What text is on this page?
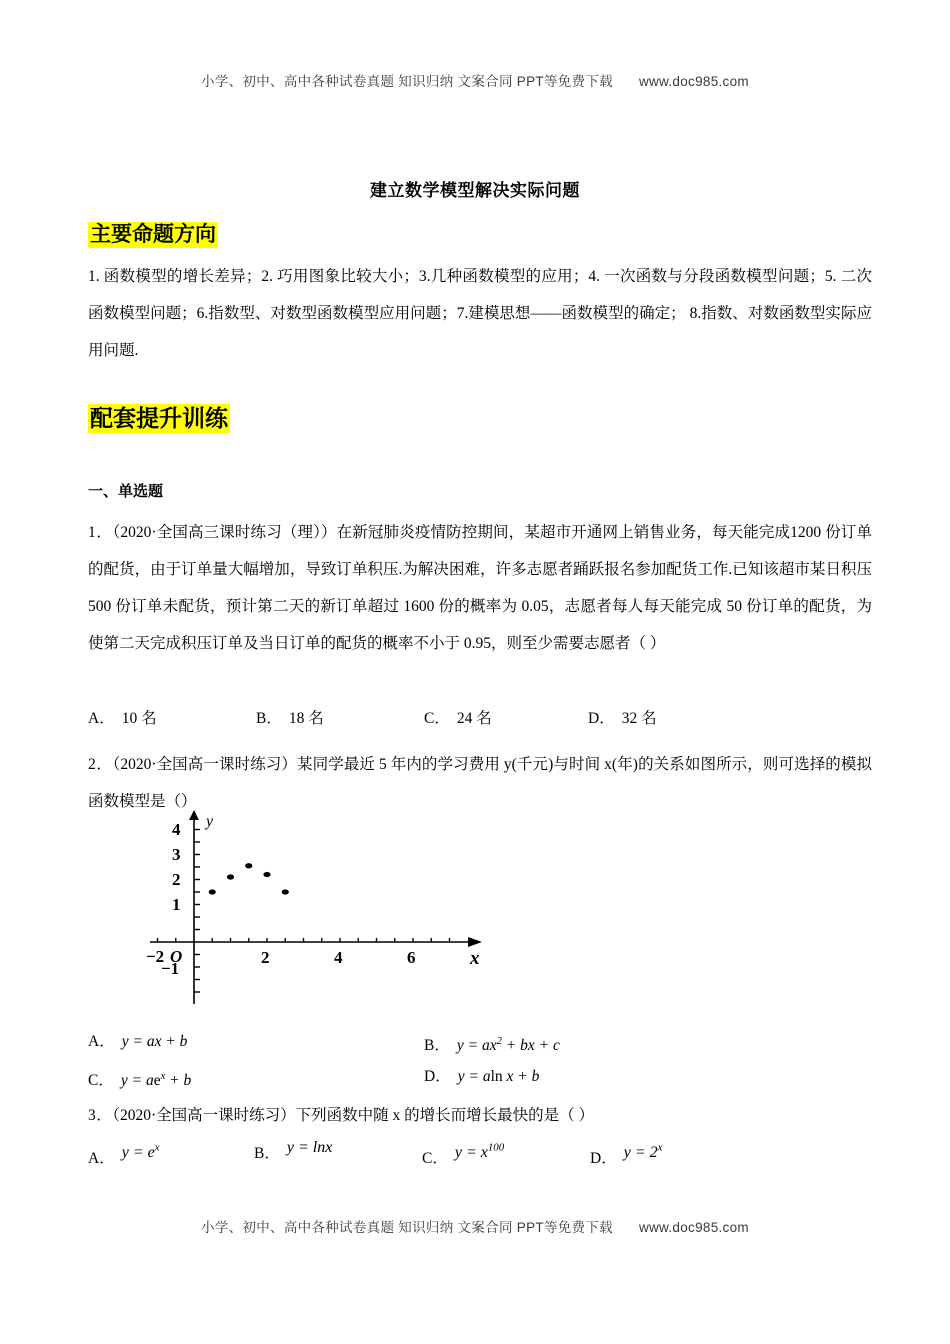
小学、初中、高中各种试卷真题 知识归纳 文案合同 PPT等免费下载 www.doc985.com
建立数学模型解决实际问题
主要命题方向
1. 函数模型的增长差异；2. 巧用图象比较大小；3.几种函数模型的应用；4. 一次函数与分段函数模型问题；5. 二次函数模型问题；6.指数型、对数型函数模型应用问题；7.建模思想——函数模型的确定； 8.指数、对数函数型实际应用问题.
配套提升训练
一、单选题
1．（2020·全国高三课时练习（理））在新冠肺炎疫情防控期间，某超市开通网上销售业务，每天能完成1200 份订单的配货，由于订单量大幅增加，导致订单积压.为解决困难，许多志愿者踊跃报名参加配货工作.已知该超市某日积压 500 份订单未配货，预计第二天的新订单超过 1600 份的概率为 0.05，志愿者每人每天能完成 50 份订单的配货，为使第二天完成积压订单及当日订单的配货的概率不小于 0.95，则至少需要志愿者（ ）
A． 10 名	B． 18 名	C． 24 名	D． 32 名
2．（2020·全国高一课时练习）某同学最近 5 年内的学习费用 y(千元)与时间 x(年)的关系如图所示，则可选择的模拟函数模型是（）
−2	2	4	6
4
3
2
1
−1
O
y
x
A． y = ax + b	B． $y = ax^2$ + bx + c
C． $y = ae^x + b$	D． y = aln x + b
3．（2020·全国高一课时练习）下列函数中随 x 的增长而增长最快的是（ ）
A． $y = e^x$	B． y = lnx
C． $y = x^{100}$
D． $y = 2^x$
小学、初中、高中各种试卷真题 知识归纳 文案合同 PPT等免费下载 www.doc985.com
